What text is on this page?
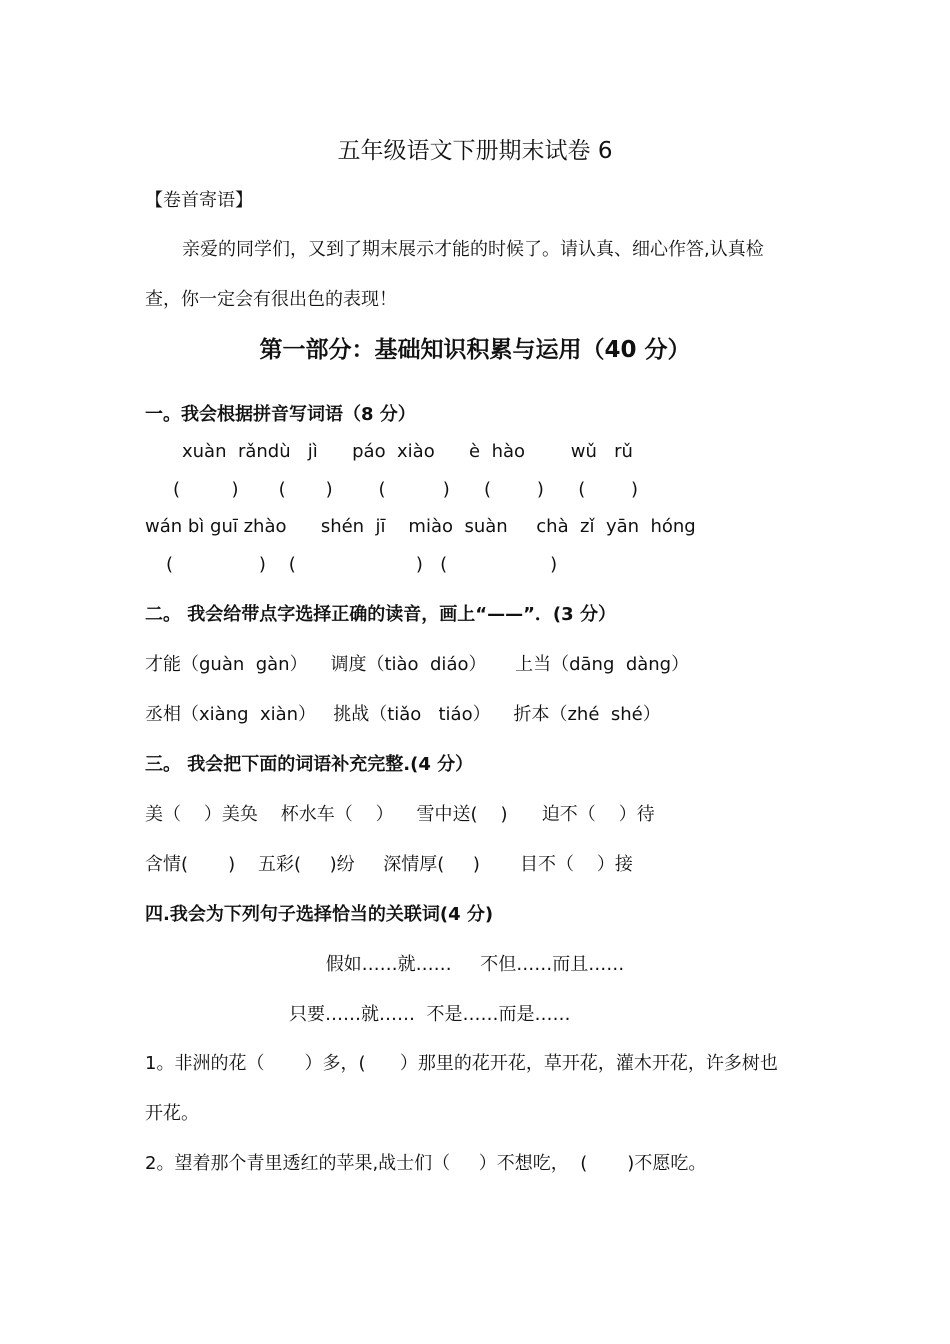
五年级语文下册期末试卷 6
【卷首寄语】
亲爱的同学们，又到了期末展示才能的时候了。请认真、细心作答,认真检
查，你一定会有很出色的表现！
第一部分：基础知识积累与运用（40 分）
一。我会根据拼音写词语（8 分）
xuàn  rǎndù   jì      páo  xiào      è  hào        wǔ   rǔ
(         )       (       )        (          )      (        )      (        )
wán bì guī zhào      shén  jī    miào  suàn     chà  zǐ  yān  hóng
(               )    (                     )   (                  )
二。 我会给带点字选择正确的读音，画上“——”．(3 分）
才能（guàn  gàn）    调度（tiào  diáo）     上当（dāng  dàng）
丞相（xiàng  xiàn）   挑战（tiǎo   tiáo）    折本（zhé  shé）
三。 我会把下面的词语补充完整.(4 分）
美（    ）美奂    杯水车（    ）    雪中送(    )      迫不（    ）待
含情(       )    五彩(     )纷     深情厚(     )       目不（    ）接
四.我会为下列句子选择恰当的关联词(4 分)
假如……就……     不但……而且……
只要……就……  不是……而是……
1。非洲的花（       ）多，(      ）那里的花开花，草开花，灌木开花，许多树也
开花。
2。望着那个青里透红的苹果,战士们（     ）不想吃，  (       )不愿吃。
